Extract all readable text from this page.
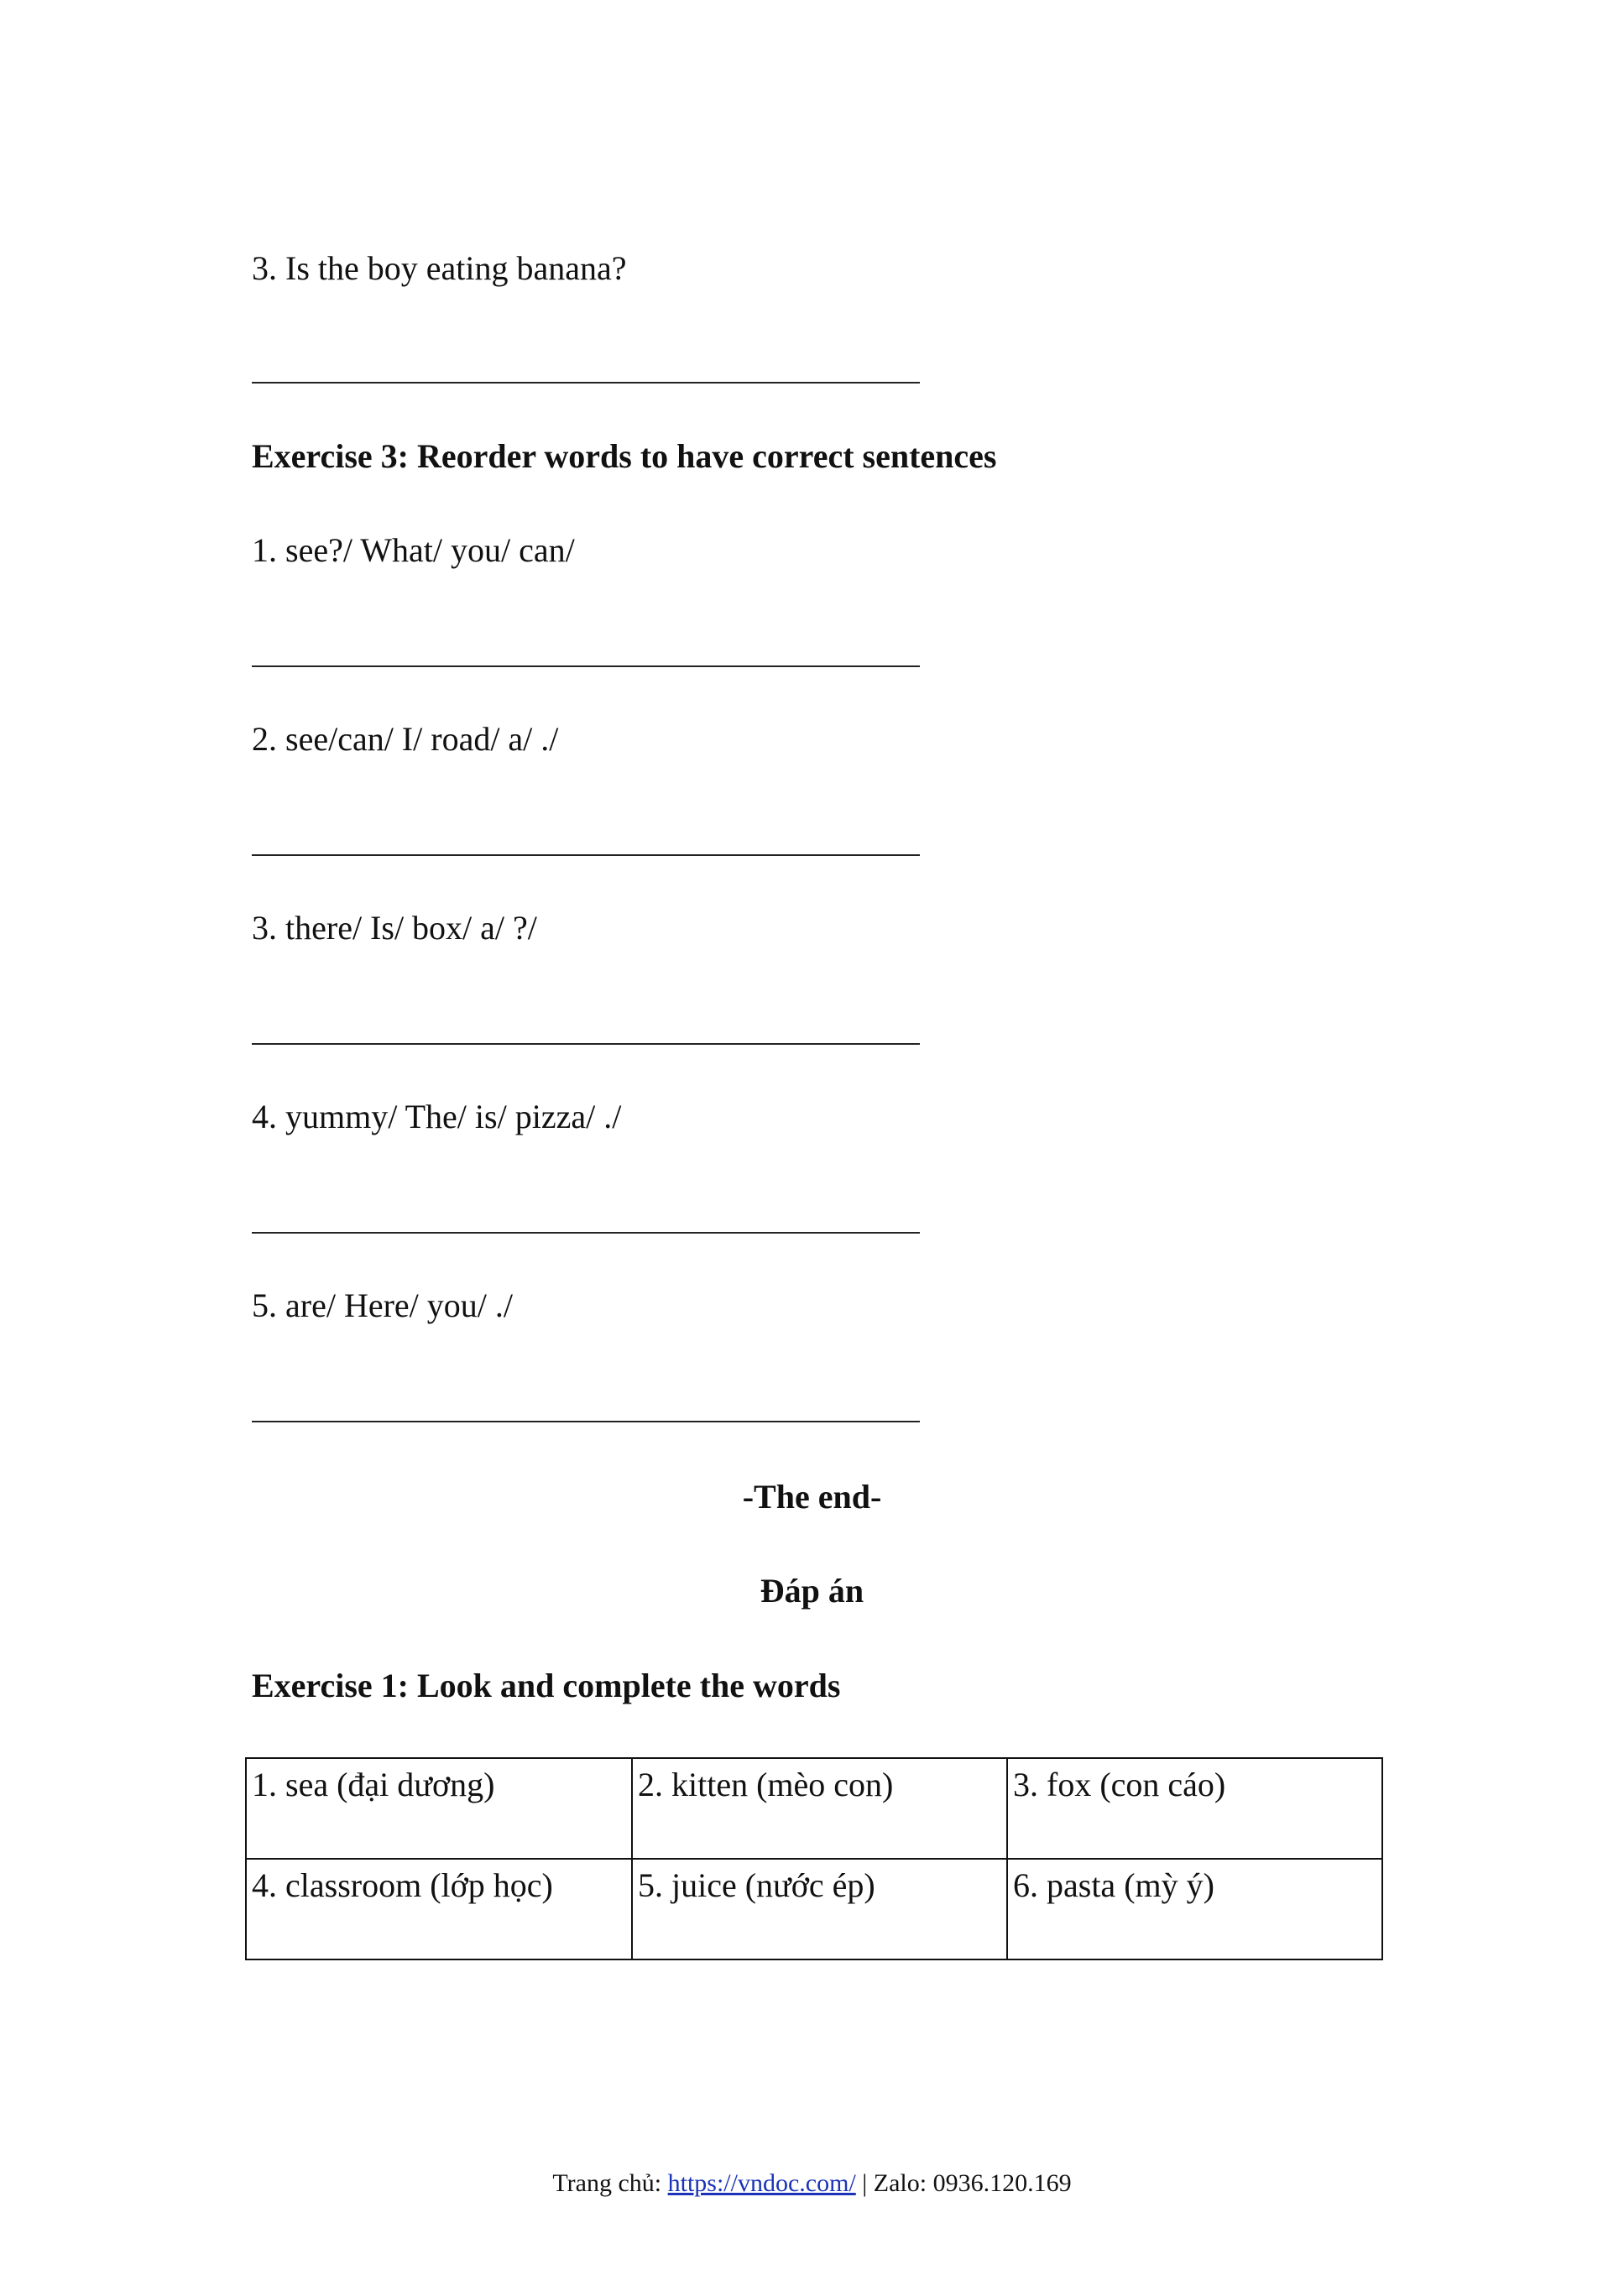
3. Is the boy eating banana?
Exercise 3: Reorder words to have correct sentences
1. see?/ What/ you/ can/
2. see/can/ I/ road/ a/ ./
3. there/ Is/ box/ a/ ?/
4. yummy/ The/ is/ pizza/ ./
5. are/ Here/ you/ ./
-The end-
Đáp án
Exercise 1: Look and complete the words
1. sea (đại dương)	2. kitten (mèo con)	3. fox (con cáo)
4. classroom (lớp học)	5. juice (nước ép)	6. pasta (mỳ ý)
Trang chủ: https://vndoc.com/ | Zalo: 0936.120.169
